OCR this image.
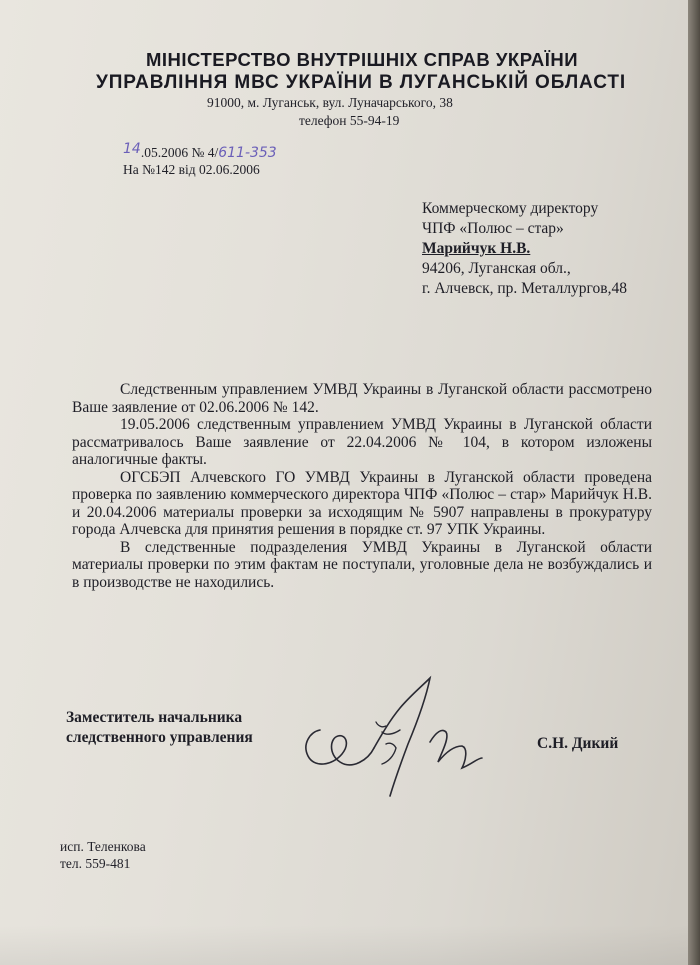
МІНІСТЕРСТВО ВНУТРІШНІХ СПРАВ УКРАЇНИ
УПРАВЛІННЯ МВС УКРАЇНИ В ЛУГАНСЬКІЙ ОБЛАСТІ
91000, м. Луганськ, вул. Луначарського, 38
телефон 55-94-19
14.05.2006 № 4/611-353
На №142 від 02.06.2006
Коммерческому директору
ЧПФ «Полюс – стар»
Марийчук Н.В.
94206, Луганская обл.,
г. Алчевск, пр. Металлургов,48

Следственным управлением УМВД Украины в Луганской области рассмотрено Ваше заявление от 02.06.2006 № 142.

19.05.2006 следственным управлением УМВД Украины в Луганской области рассматривалось Ваше заявление от 22.04.2006 № 104, в котором изложены аналогичные факты.

ОГСБЭП Алчевского ГО УМВД Украины в Луганской области проведена проверка по заявлению коммерческого директора ЧПФ «Полюс – стар» Марийчук Н.В. и 20.04.2006 материалы проверки за исходящим № 5907 направлены в прокуратуру города Алчевска для принятия решения в порядке ст. 97 УПК Украины.

В следственные подразделения УМВД Украины в Луганской области материалы проверки по этим фактам не поступали, уголовные дела не возбуждались и в производстве не находились.

Заместитель начальника
следственного управления	С.Н. Дикий
исп. Теленкова
тел. 559-481
